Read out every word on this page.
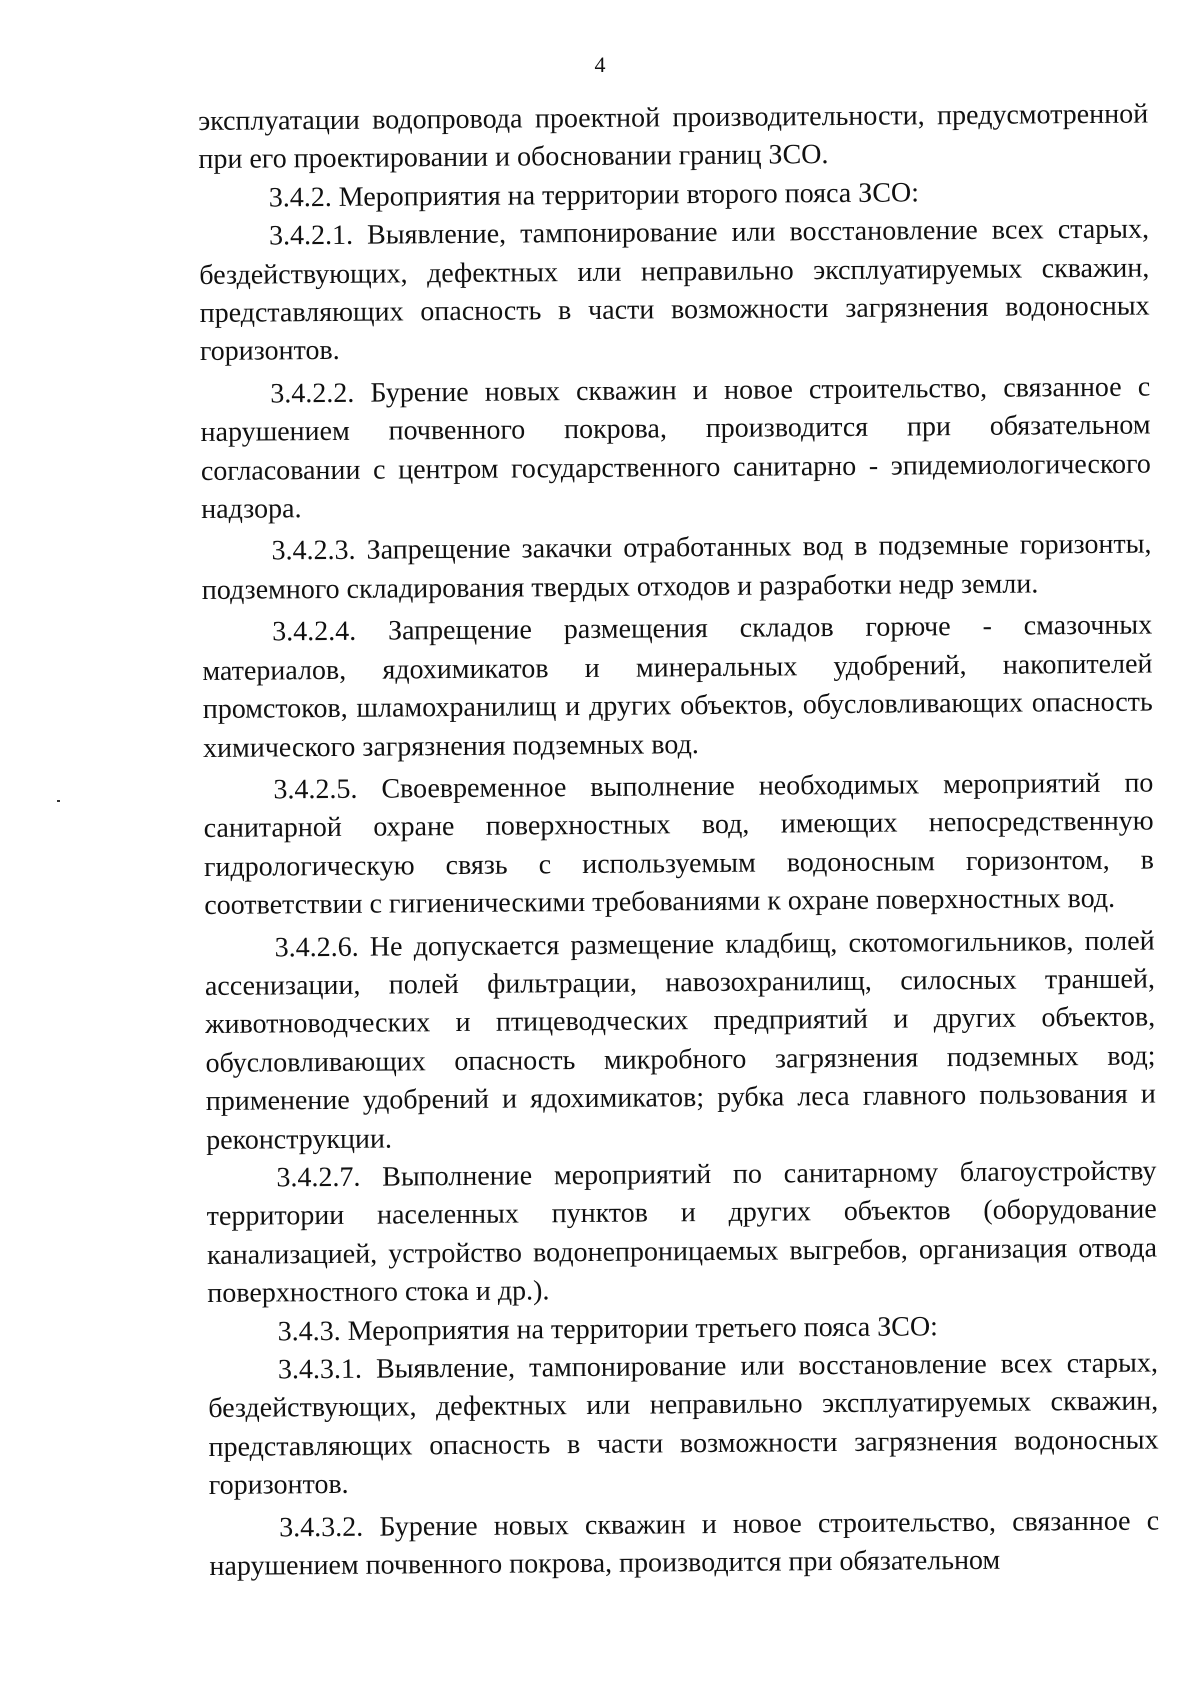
4

эксплуатации водопровода проектной производительности, предусмотренной при его проектировании и обосновании границ ЗСО.

3.4.2. Мероприятия на территории второго пояса ЗСО:

3.4.2.1. Выявление, тампонирование или восстановление всех старых, бездействующих, дефектных или неправильно эксплуатируемых скважин, представляющих опасность в части возможности загрязнения водоносных горизонтов.

3.4.2.2. Бурение новых скважин и новое строительство, связанное с нарушением почвенного покрова, производится при обязательном согласовании с центром государственного санитарно - эпидемиологического надзора.

3.4.2.3. Запрещение закачки отработанных вод в подземные горизонты, подземного складирования твердых отходов и разработки недр земли.

3.4.2.4. Запрещение размещения складов горюче - смазочных материалов, ядохимикатов и минеральных удобрений, накопителей промстоков, шламохранилищ и других объектов, обусловливающих опасность химического загрязнения подземных вод.

3.4.2.5. Своевременное выполнение необходимых мероприятий по санитарной охране поверхностных вод, имеющих непосредственную гидрологическую связь с используемым водоносным горизонтом, в соответствии с гигиеническими требованиями к охране поверхностных вод.

3.4.2.6. Не допускается размещение кладбищ, скотомогильников, полей ассенизации, полей фильтрации, навозохранилищ, силосных траншей, животноводческих и птицеводческих предприятий и других объектов, обусловливающих опасность микробного загрязнения подземных вод; применение удобрений и ядохимикатов; рубка леса главного пользования и реконструкции.

3.4.2.7. Выполнение мероприятий по санитарному благоустройству территории населенных пунктов и других объектов (оборудование канализацией, устройство водонепроницаемых выгребов, организация отвода поверхностного стока и др.).

3.4.3. Мероприятия на территории третьего пояса ЗСО:

3.4.3.1. Выявление, тампонирование или восстановление всех старых, бездействующих, дефектных или неправильно эксплуатируемых скважин, представляющих опасность в части возможности загрязнения водоносных горизонтов.

3.4.3.2. Бурение новых скважин и новое строительство, связанное с нарушением почвенного покрова, производится при обязательном
